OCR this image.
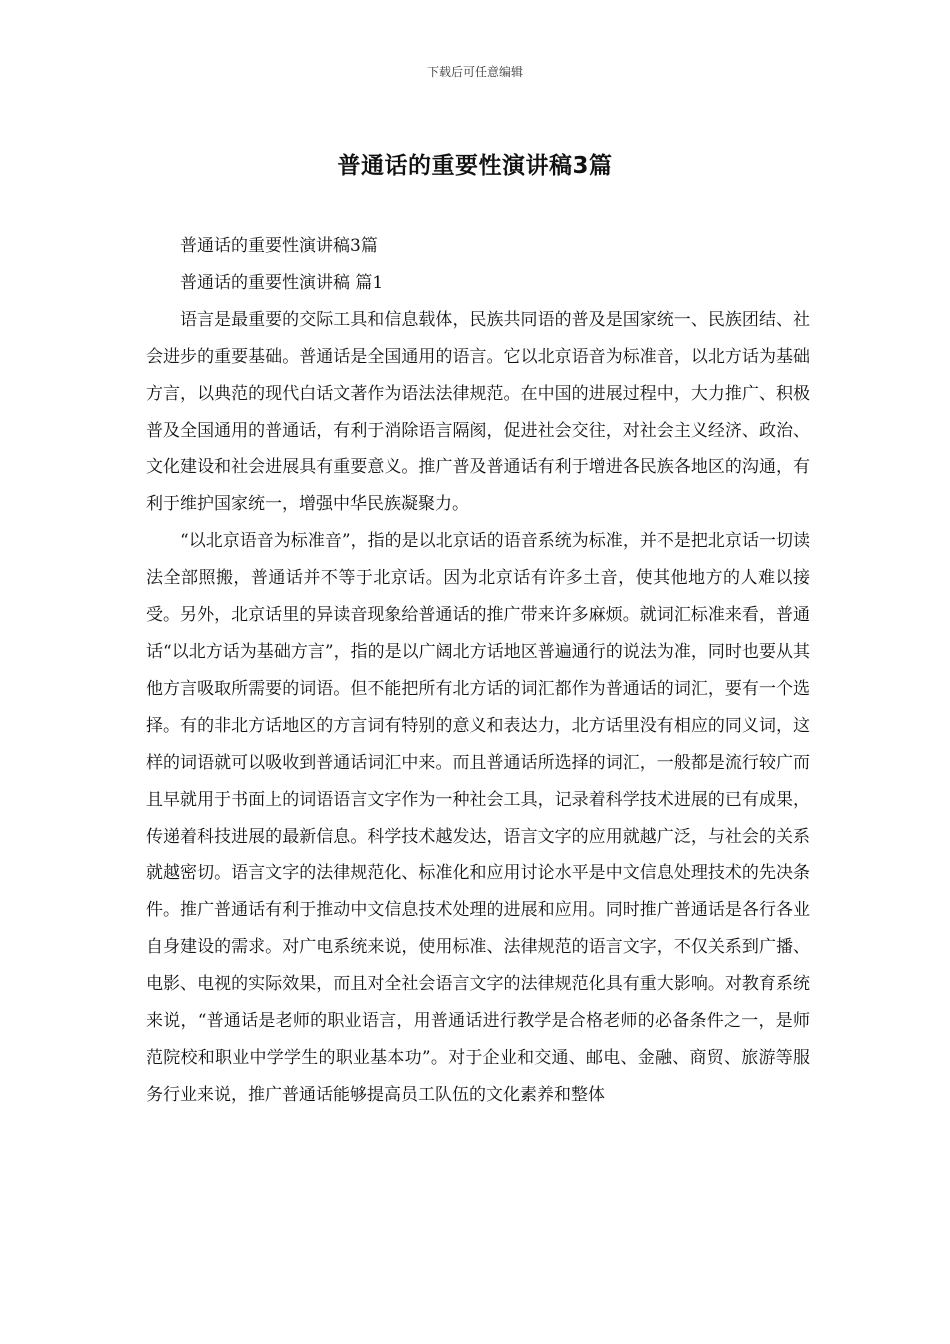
下载后可任意编辑
普通话的重要性演讲稿3篇

普通话的重要性演讲稿3篇

普通话的重要性演讲稿 篇1

语言是最重要的交际工具和信息载体，民族共同语的普及是国家统一、民族团结、社会进步的重要基础。普通话是全国通用的语言。它以北京语音为标准音，以北方话为基础方言，以典范的现代白话文著作为语法法律规范。在中国的进展过程中，大力推广、积极普及全国通用的普通话，有利于消除语言隔阂，促进社会交往，对社会主义经济、政治、文化建设和社会进展具有重要意义。推广普及普通话有利于增进各民族各地区的沟通，有利于维护国家统一，增强中华民族凝聚力。

“以北京语音为标准音”，指的是以北京话的语音系统为标准，并不是把北京话一切读法全部照搬，普通话并不等于北京话。因为北京话有许多土音，使其他地方的人难以接受。另外，北京话里的异读音现象给普通话的推广带来许多麻烦。就词汇标准来看，普通话“以北方话为基础方言”，指的是以广阔北方话地区普遍通行的说法为准，同时也要从其他方言吸取所需要的词语。但不能把所有北方话的词汇都作为普通话的词汇，要有一个选择。有的非北方话地区的方言词有特别的意义和表达力，北方话里没有相应的同义词，这样的词语就可以吸收到普通话词汇中来。而且普通话所选择的词汇，一般都是流行较广而且早就用于书面上的词语语言文字作为一种社会工具，记录着科学技术进展的已有成果，传递着科技进展的最新信息。科学技术越发达，语言文字的应用就越广泛，与社会的关系就越密切。语言文字的法律规范化、标准化和应用讨论水平是中文信息处理技术的先决条件。推广普通话有利于推动中文信息技术处理的进展和应用。同时推广普通话是各行各业自身建设的需求。对广电系统来说，使用标准、法律规范的语言文字，不仅关系到广播、电影、电视的实际效果，而且对全社会语言文字的法律规范化具有重大影响。对教育系统来说，“普通话是老师的职业语言，用普通话进行教学是合格老师的必备条件之一，是师范院校和职业中学学生的职业基本功”。对于企业和交通、邮电、金融、商贸、旅游等服务行业来说，推广普通话能够提高员工队伍的文化素养和整体
